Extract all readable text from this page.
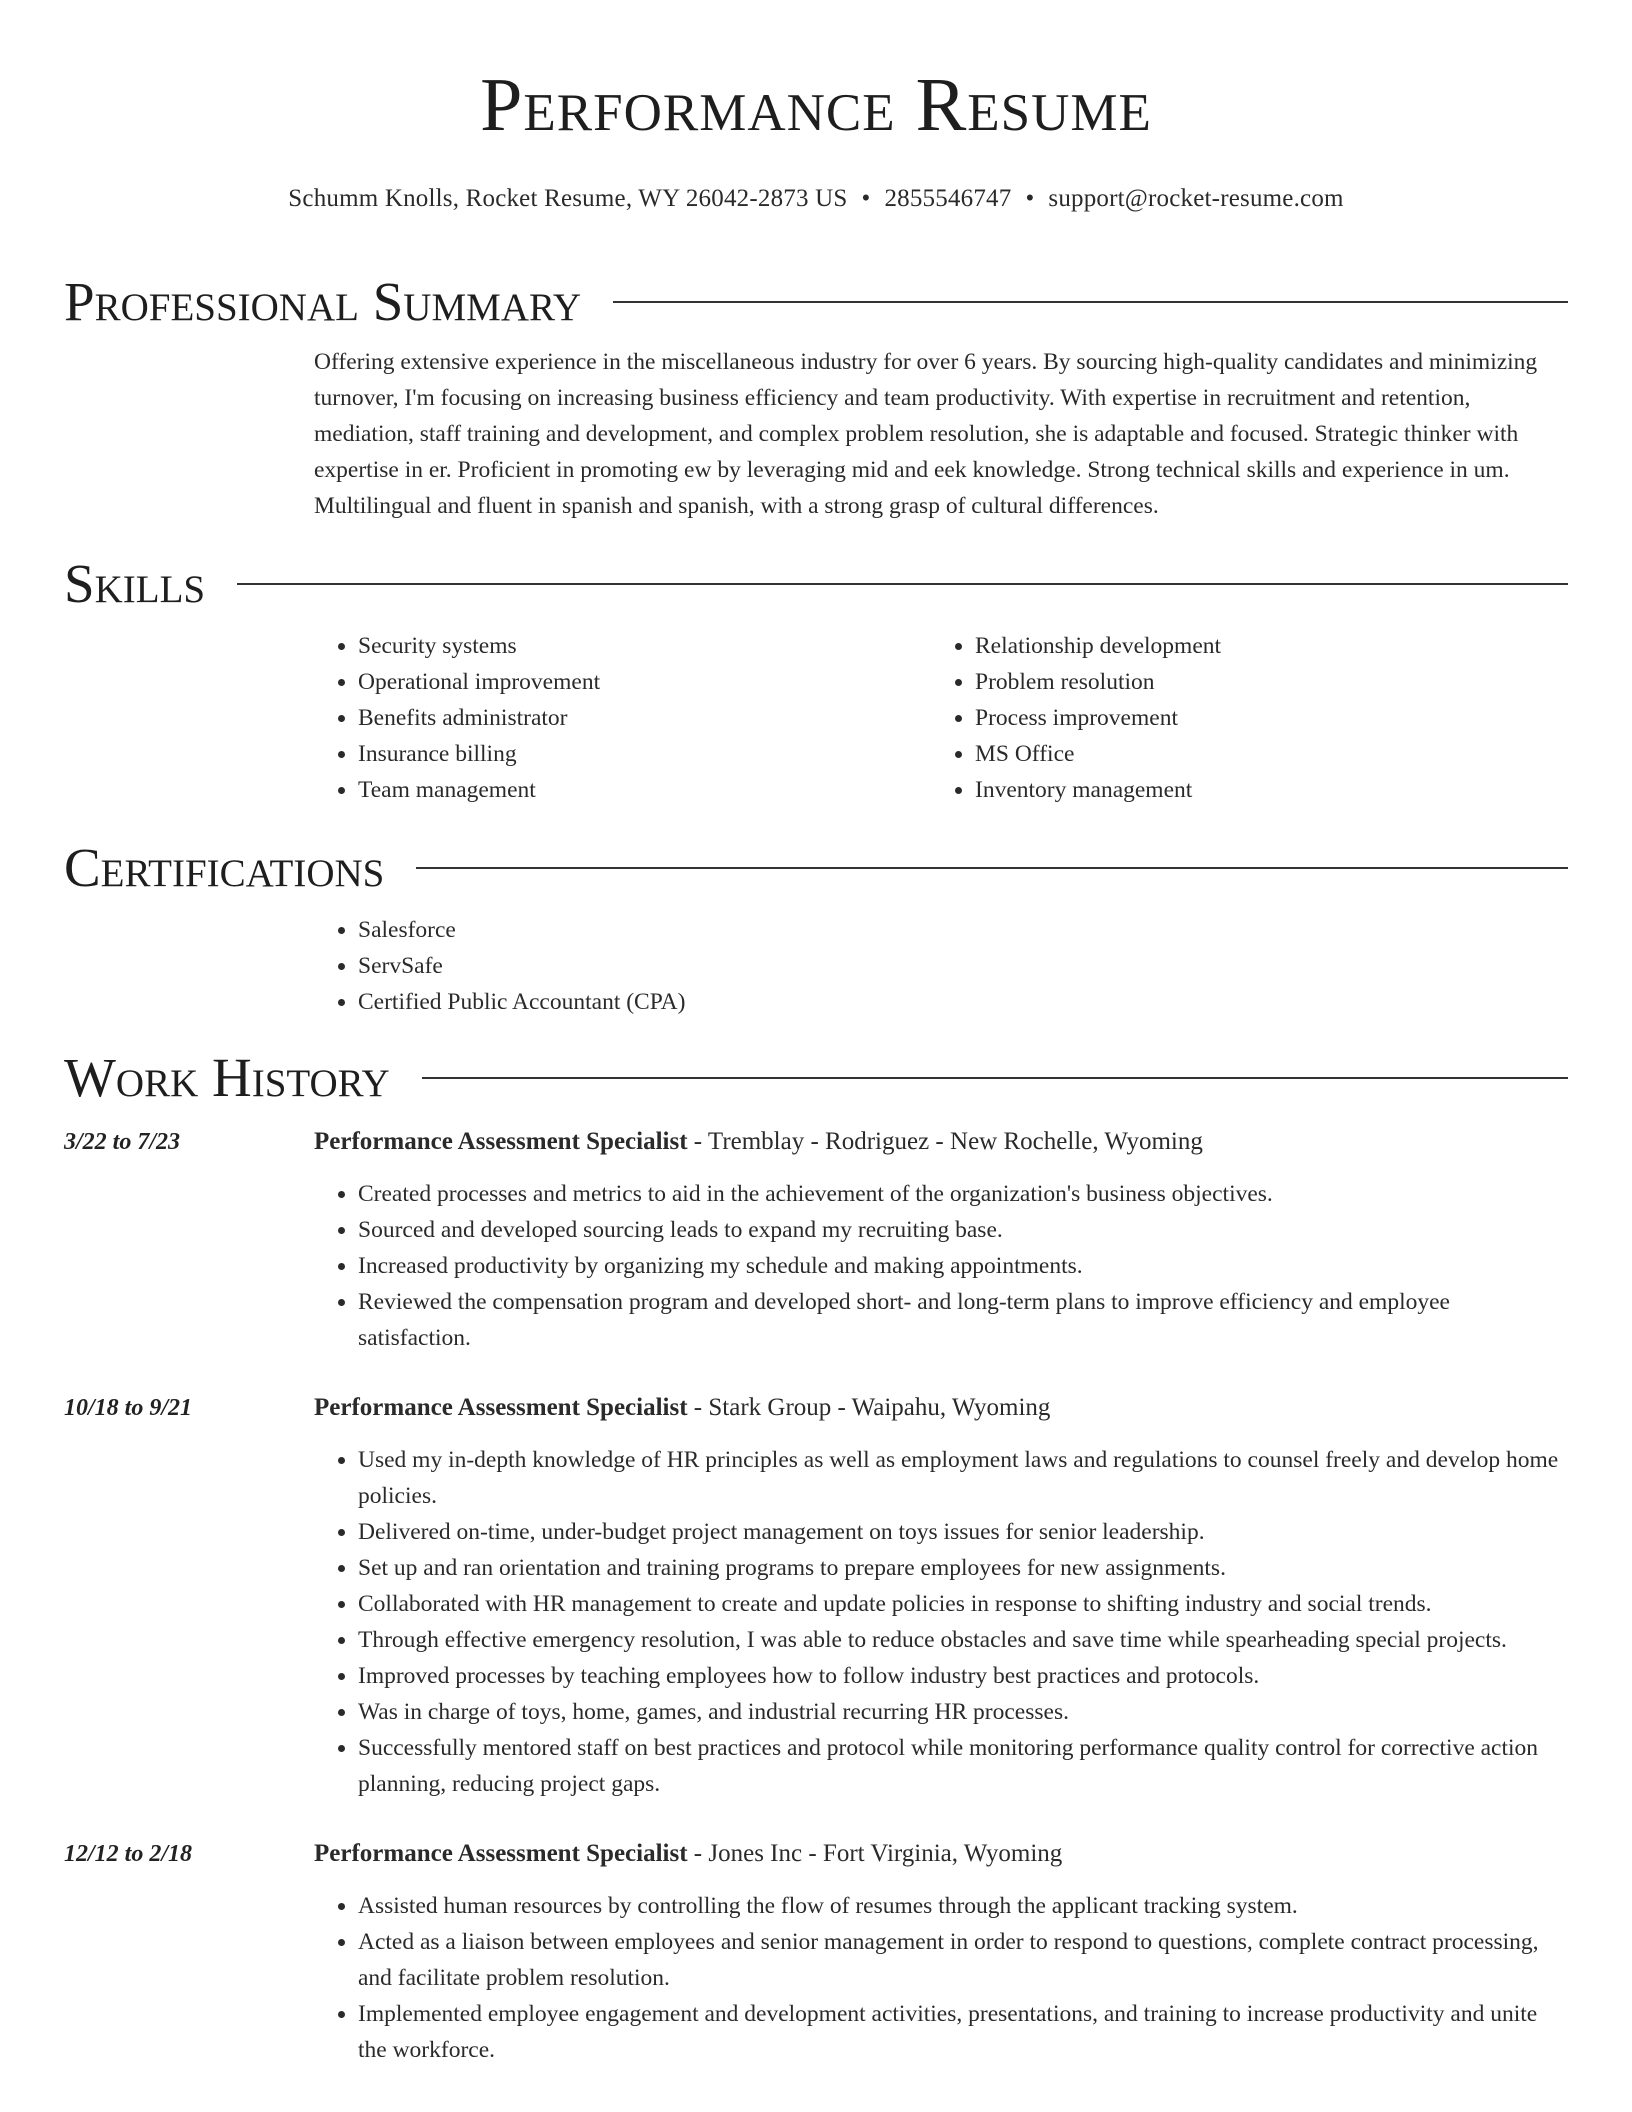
Performance Resume
Schumm Knolls, Rocket Resume, WY 26042-2873 US • 2855546747 • support@rocket-resume.com
Professional Summary

Offering extensive experience in the miscellaneous industry for over 6 years. By sourcing high-quality candidates and minimizing turnover, I'm focusing on increasing business efficiency and team productivity. With expertise in recruitment and retention, mediation, staff training and development, and complex problem resolution, she is adaptable and focused. Strategic thinker with expertise in er. Proficient in promoting ew by leveraging mid and eek knowledge. Strong technical skills and experience in um. Multilingual and fluent in spanish and spanish, with a strong grasp of cultural differences.

Skills
• Security systems
• Operational improvement
• Benefits administrator
• Insurance billing
• Team management
• Relationship development
• Problem resolution
• Process improvement
• MS Office
• Inventory management
Certifications
• Salesforce
• ServSafe
• Certified Public Accountant (CPA)
Work History
3/22 to 7/23	Performance Assessment Specialist - Tremblay - Rodriguez - New Rochelle, Wyoming
• Created processes and metrics to aid in the achievement of the organization's business objectives.
• Sourced and developed sourcing leads to expand my recruiting base.
• Increased productivity by organizing my schedule and making appointments.
• Reviewed the compensation program and developed short- and long-term plans to improve efficiency and employee satisfaction.
10/18 to 9/21	Performance Assessment Specialist - Stark Group - Waipahu, Wyoming
• Used my in-depth knowledge of HR principles as well as employment laws and regulations to counsel freely and develop home policies.
• Delivered on-time, under-budget project management on toys issues for senior leadership.
• Set up and ran orientation and training programs to prepare employees for new assignments.
• Collaborated with HR management to create and update policies in response to shifting industry and social trends.
• Through effective emergency resolution, I was able to reduce obstacles and save time while spearheading special projects.
• Improved processes by teaching employees how to follow industry best practices and protocols.
• Was in charge of toys, home, games, and industrial recurring HR processes.
• Successfully mentored staff on best practices and protocol while monitoring performance quality control for corrective action planning, reducing project gaps.
12/12 to 2/18	Performance Assessment Specialist - Jones Inc - Fort Virginia, Wyoming
• Assisted human resources by controlling the flow of resumes through the applicant tracking system.
• Acted as a liaison between employees and senior management in order to respond to questions, complete contract processing, and facilitate problem resolution.
• Implemented employee engagement and development activities, presentations, and training to increase productivity and unite the workforce.
